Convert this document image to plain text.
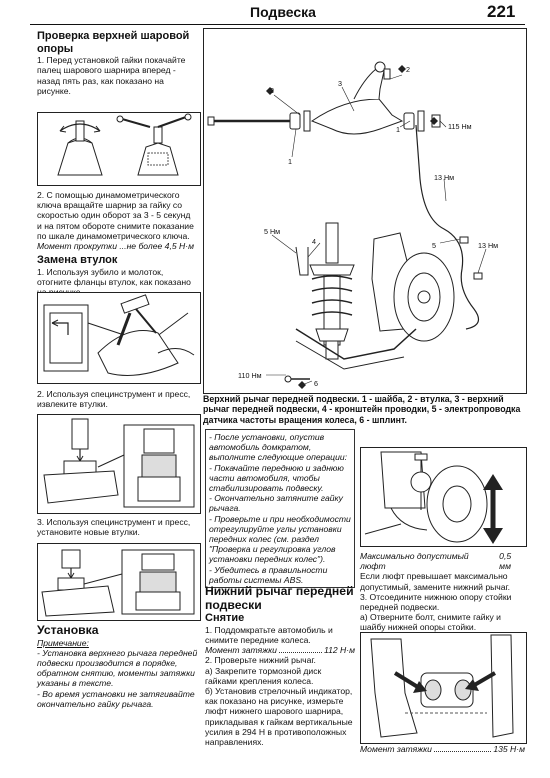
Подвеска	221
Проверка верхней шаровой опоры

1. Перед установкой гайки покачайте палец шарового шарнира вперед - назад пять раз, как показано на рисунке.

2. С помощью динамометрического ключа вращайте шарнир за гайку со скоростью один оборот за 3 - 5 секунд и на пятом обороте снимите показание по шкале динамометрического ключа.

Момент прокрутки ...не более 4,5 Н·м

Замена втулок

1. Используя зубило и молоток, отогните фланцы втулок, как показано

2. Используя специнструмент и пресс, извлеките втулки.

3. Используя специнструмент и пресс, установите новые втулки.

Установка

Примечание:

- Установка верхнего рычага передней подвески производится в порядке, обратном снятию, моменты затяжки указаны в тексте.

- Во время установки не затягивайте окончательно гайку рычага.

2
1
3
2
1	115 Нм
13 Нм
13 Нм
5
5 Нм
4
110 Нм
6
Верхний рычаг передней подвески. 1 - шайба, 2 - втулка, 3 - верхний рычаг передней подвески, 4 - кронштейн проводки, 5 - электропроводка датчика частоты вращения колеса, 6 - шплинт.

- После установки, опустив автомобиль домкратом, выполните следующие операции:

- Покачайте переднюю и заднюю части автомобиля, чтобы стабилизировать подвеску.

- Окончательно затяните гайку рычага.

- Проверьте и при необходимости отрегулируйте углы установки передних колес (см. раздел "Проверка и регулировка углов установки передних колес").

- Убедитесь в правильности работы системы ABS.

Нижний рычаг передней подвески
Снятие

1. Поддомкратьте автомобиль и снимите передние колеса.

Момент затяжки	112 Н·м

2. Проверьте нижний рычаг.

а) Закрепите тормозной диск гайками крепления колеса.

б) Установив стрелочный индикатор, как показано на рисунке, измерьте люфт нижнего шарового шарнира, прикладывая к гайкам вертикальные усилия в 294 Н в противоположных направлениях.

Максимально допустимый люфт
0,5 мм

Если люфт превышает максимально допустимый, замените нижний рычаг.

3. Отсоедините нижнюю опору стойки передней подвески.

а) Отверните болт, снимите гайку и шайбу нижней опоры стойки.

Момент затяжки	135 Н·м
